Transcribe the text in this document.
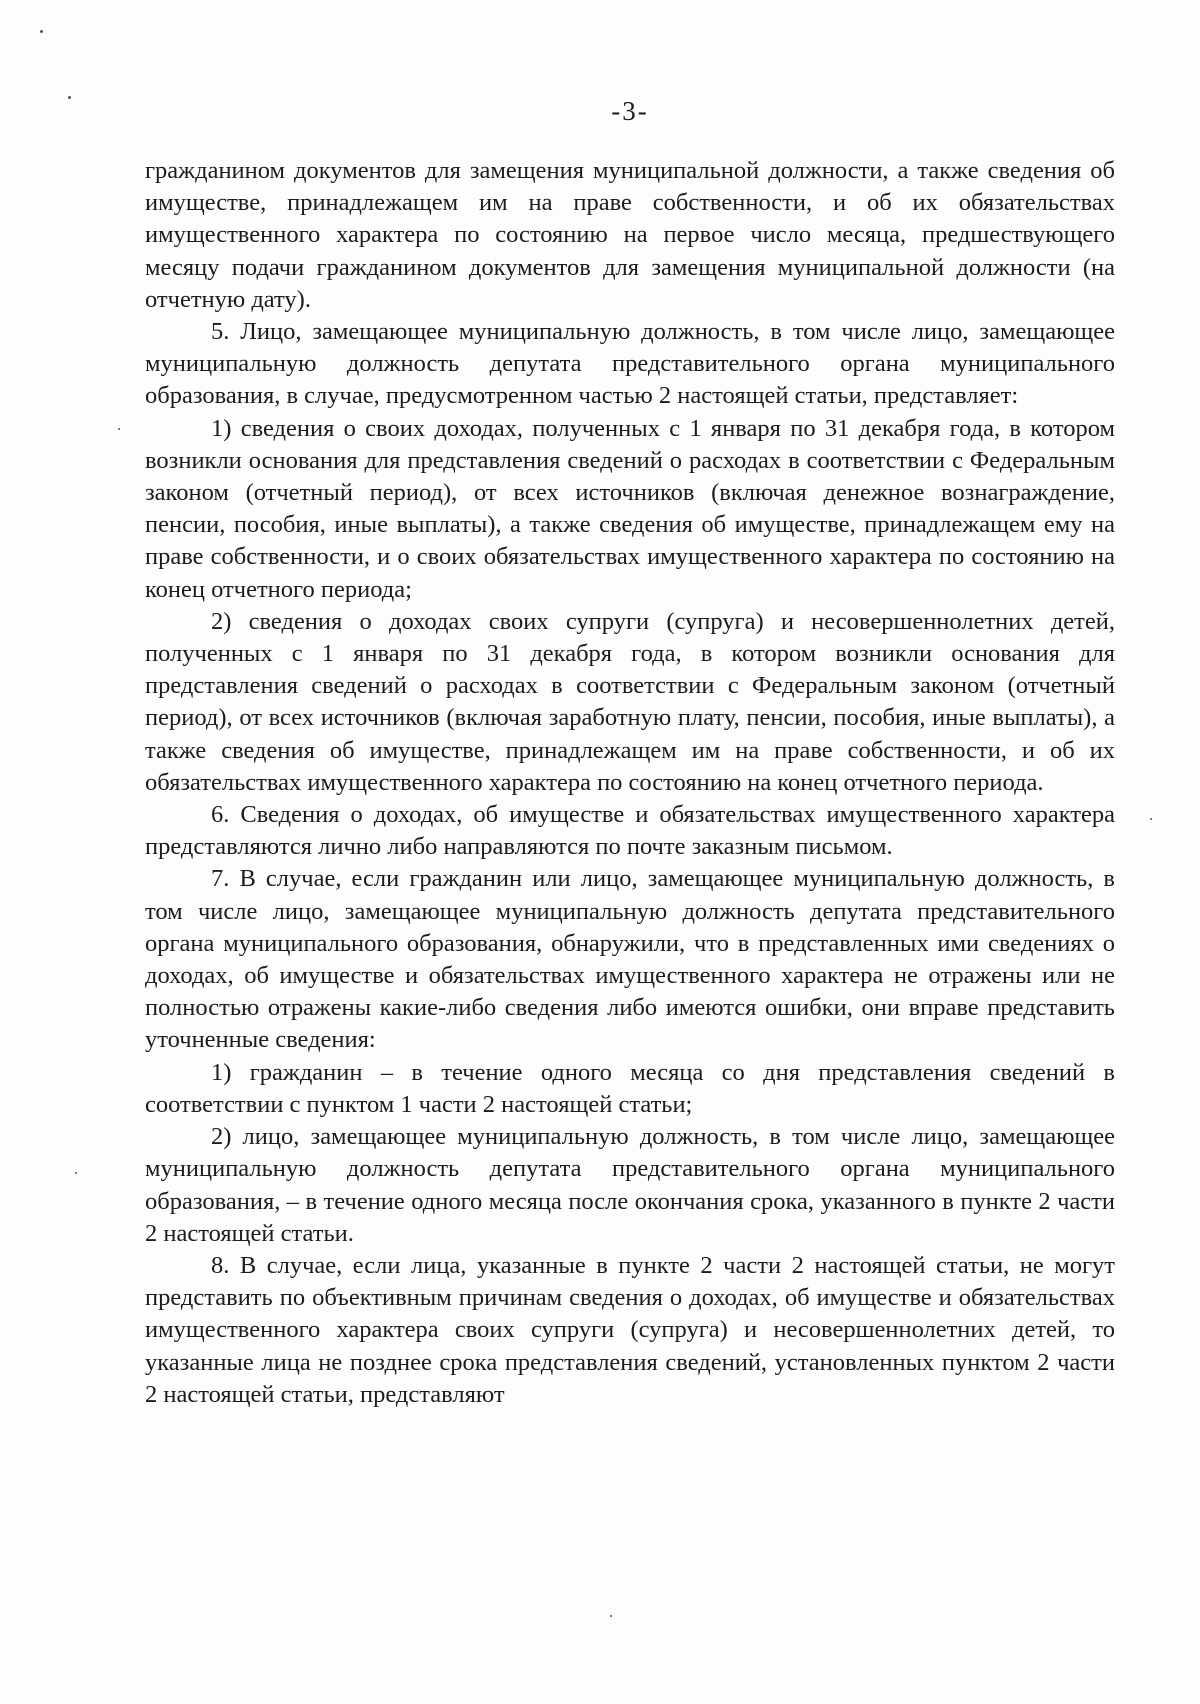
-3-

гражданином документов для замещения муниципальной должности, а также сведения об имуществе, принадлежащем им на праве собственности, и об их обязательствах имущественного характера по состоянию на первое число месяца, предшествующего месяцу подачи гражданином документов для замещения муниципальной должности (на отчетную дату).

5. Лицо, замещающее муниципальную должность, в том числе лицо, замещающее муниципальную должность депутата представительного органа муниципального образования, в случае, предусмотренном частью 2 настоящей статьи, представляет:

1) сведения о своих доходах, полученных с 1 января по 31 декабря года, в котором возникли основания для представления сведений о расходах в соответствии с Федеральным законом (отчетный период), от всех источников (включая денежное вознаграждение, пенсии, пособия, иные выплаты), а также сведения об имуществе, принадлежащем ему на праве собственности, и о своих обязательствах имущественного характера по состоянию на конец отчетного периода;

2) сведения о доходах своих супруги (супруга) и несовершеннолетних детей, полученных с 1 января по 31 декабря года, в котором возникли основания для представления сведений о расходах в соответствии с Федеральным законом (отчетный период), от всех источников (включая заработную плату, пенсии, пособия, иные выплаты), а также сведения об имуществе, принадлежащем им на праве собственности, и об их обязательствах имущественного характера по состоянию на конец отчетного периода.

6. Сведения о доходах, об имуществе и обязательствах имущественного характера представляются лично либо направляются по почте заказным письмом.

7. В случае, если гражданин или лицо, замещающее муниципальную должность, в том числе лицо, замещающее муниципальную должность депутата представительного органа муниципального образования, обнаружили, что в представленных ими сведениях о доходах, об имуществе и обязательствах имущественного характера не отражены или не полностью отражены какие-либо сведения либо имеются ошибки, они вправе представить уточненные сведения:

1) гражданин – в течение одного месяца со дня представления сведений в соответствии с пунктом 1 части 2 настоящей статьи;

2) лицо, замещающее муниципальную должность, в том числе лицо, замещающее муниципальную должность депутата представительного органа муниципального образования, – в течение одного месяца после окончания срока, указанного в пункте 2 части 2 настоящей статьи.

8. В случае, если лица, указанные в пункте 2 части 2 настоящей статьи, не могут представить по объективным причинам сведения о доходах, об имуществе и обязательствах имущественного характера своих супруги (супруга) и несовершеннолетних детей, то указанные лица не позднее срока представления сведений, установленных пунктом 2 части 2 настоящей статьи, представляют
